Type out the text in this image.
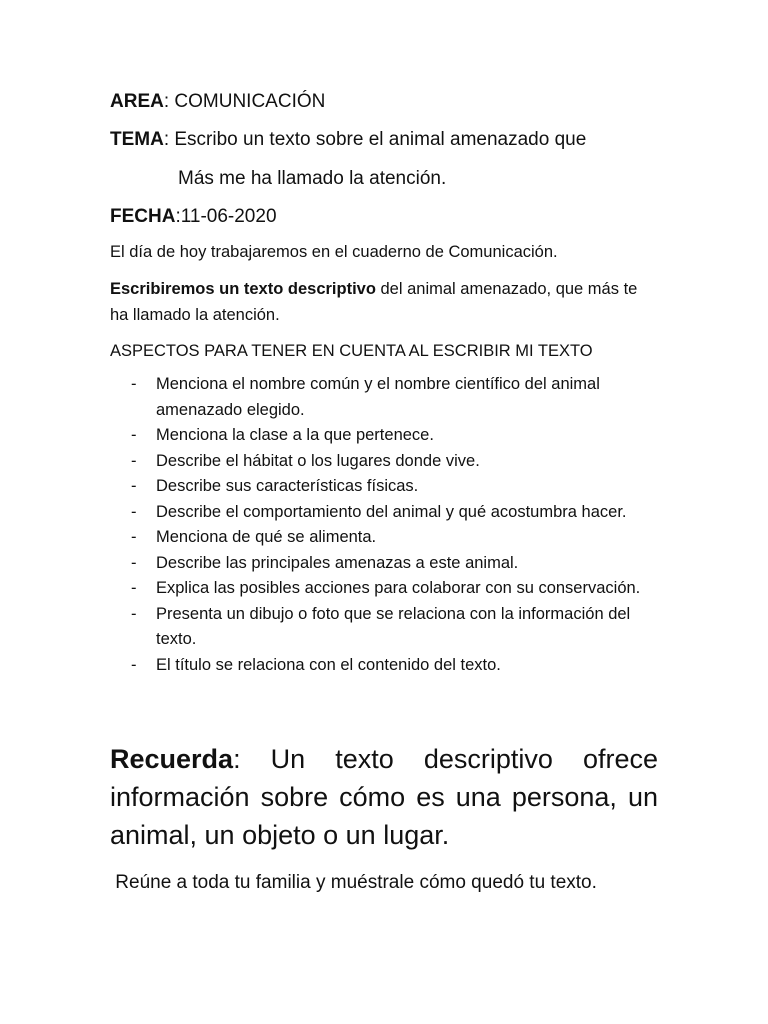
AREA: COMUNICACIÓN
TEMA: Escribo un texto sobre el animal amenazado que
Más me ha llamado la atención.
FECHA:11-06-2020
El día de hoy trabajaremos en el cuaderno de Comunicación.
Escribiremos un texto descriptivo del animal amenazado, que más te ha llamado la atención.
ASPECTOS PARA TENER EN CUENTA AL ESCRIBIR MI TEXTO
- Menciona el nombre común y el nombre científico del animal amenazado elegido.
- Menciona la clase a la que pertenece.
- Describe el hábitat o los lugares donde vive.
- Describe sus características físicas.
- Describe el comportamiento del animal y qué acostumbra hacer.
- Menciona de qué se alimenta.
- Describe las principales amenazas a este animal.
- Explica las posibles acciones para colaborar con su conservación.
- Presenta un dibujo o foto que se relaciona con la información del texto.
- El título se relaciona con el contenido del texto.
Recuerda: Un texto descriptivo ofrece información sobre cómo es una persona, un animal, un objeto o un lugar.
Reúne a toda tu familia y muéstrale cómo quedó tu texto.
